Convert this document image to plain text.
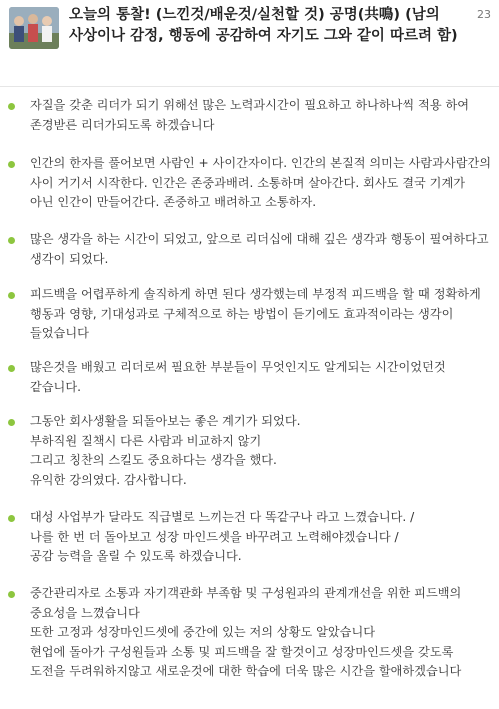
오늘의 통찰! (느낀것/배운것/실천할 것) 공명(共鳴) (남의 사상이나 감정, 행동에 공감하여 자기도 그와 같이 따르려 함)
23
자질을 갖춘 리더가 되기 위해선 많은 노력과시간이 필요하고 하나하나씩 적용 하여 존경받른 리더가되도록 하겠습니다
인간의 한자를 풀어보면 사람인 + 사이간자이다. 인간의 본질적 의미는 사람과사람간의 사이 거기서 시작한다. 인간은 존중과배려. 소통하며 살아간다. 회사도 결국 기계가 아닌 인간이 만들어간다. 존중하고 배려하고 소통하자.
많은 생각을 하는 시간이 되었고, 앞으로 리더십에 대해 깊은 생각과 행동이 필여하다고 생각이 되었다.
피드백을 어렵푸하게 솔직하게 하면 된다 생각했는데 부정적 피드백을 할 때 정확하게 행동과 영향, 기대성과로 구체적으로 하는 방법이 듣기에도 효과적이라는 생각이 들었습니다
많은것을 배웠고 리더로써 필요한 부분들이 무엇인지도 알게되는 시간이었던것 같습니다.
그동안 회사생활을 되돌아보는 좋은 계기가 되었다.
부하직원 질책시 다른 사람과 비교하지 않기
그리고 칭찬의 스킬도 중요하다는 생각을 했다.
유익한 강의였다. 감사합니다.
대성 사업부가 달라도 직급별로 느끼는건 다 똑같구나 라고 느꼈습니다. /
나를 한 번 더 돌아보고 성장 마인드셋을 바꾸려고 노력해야겠습니다 /
공감 능력을 올릴 수 있도록 하겠습니다.
중간관리자로 소통과 자기객관화 부족함 및 구성원과의 관계개선을 위한 피드백의 중요성을 느꼈습니다
또한 고정과 성장마인드셋에 중간에 있는 저의 상황도 알았습니다
현업에 돌아가 구성원들과 소통 및 피드백을 잘 할것이고 성장마인드셋을 갖도록 도전을 두려워하지않고 새로운것에 대한 학습에 더욱 많은 시간을 할애하겠습니다
